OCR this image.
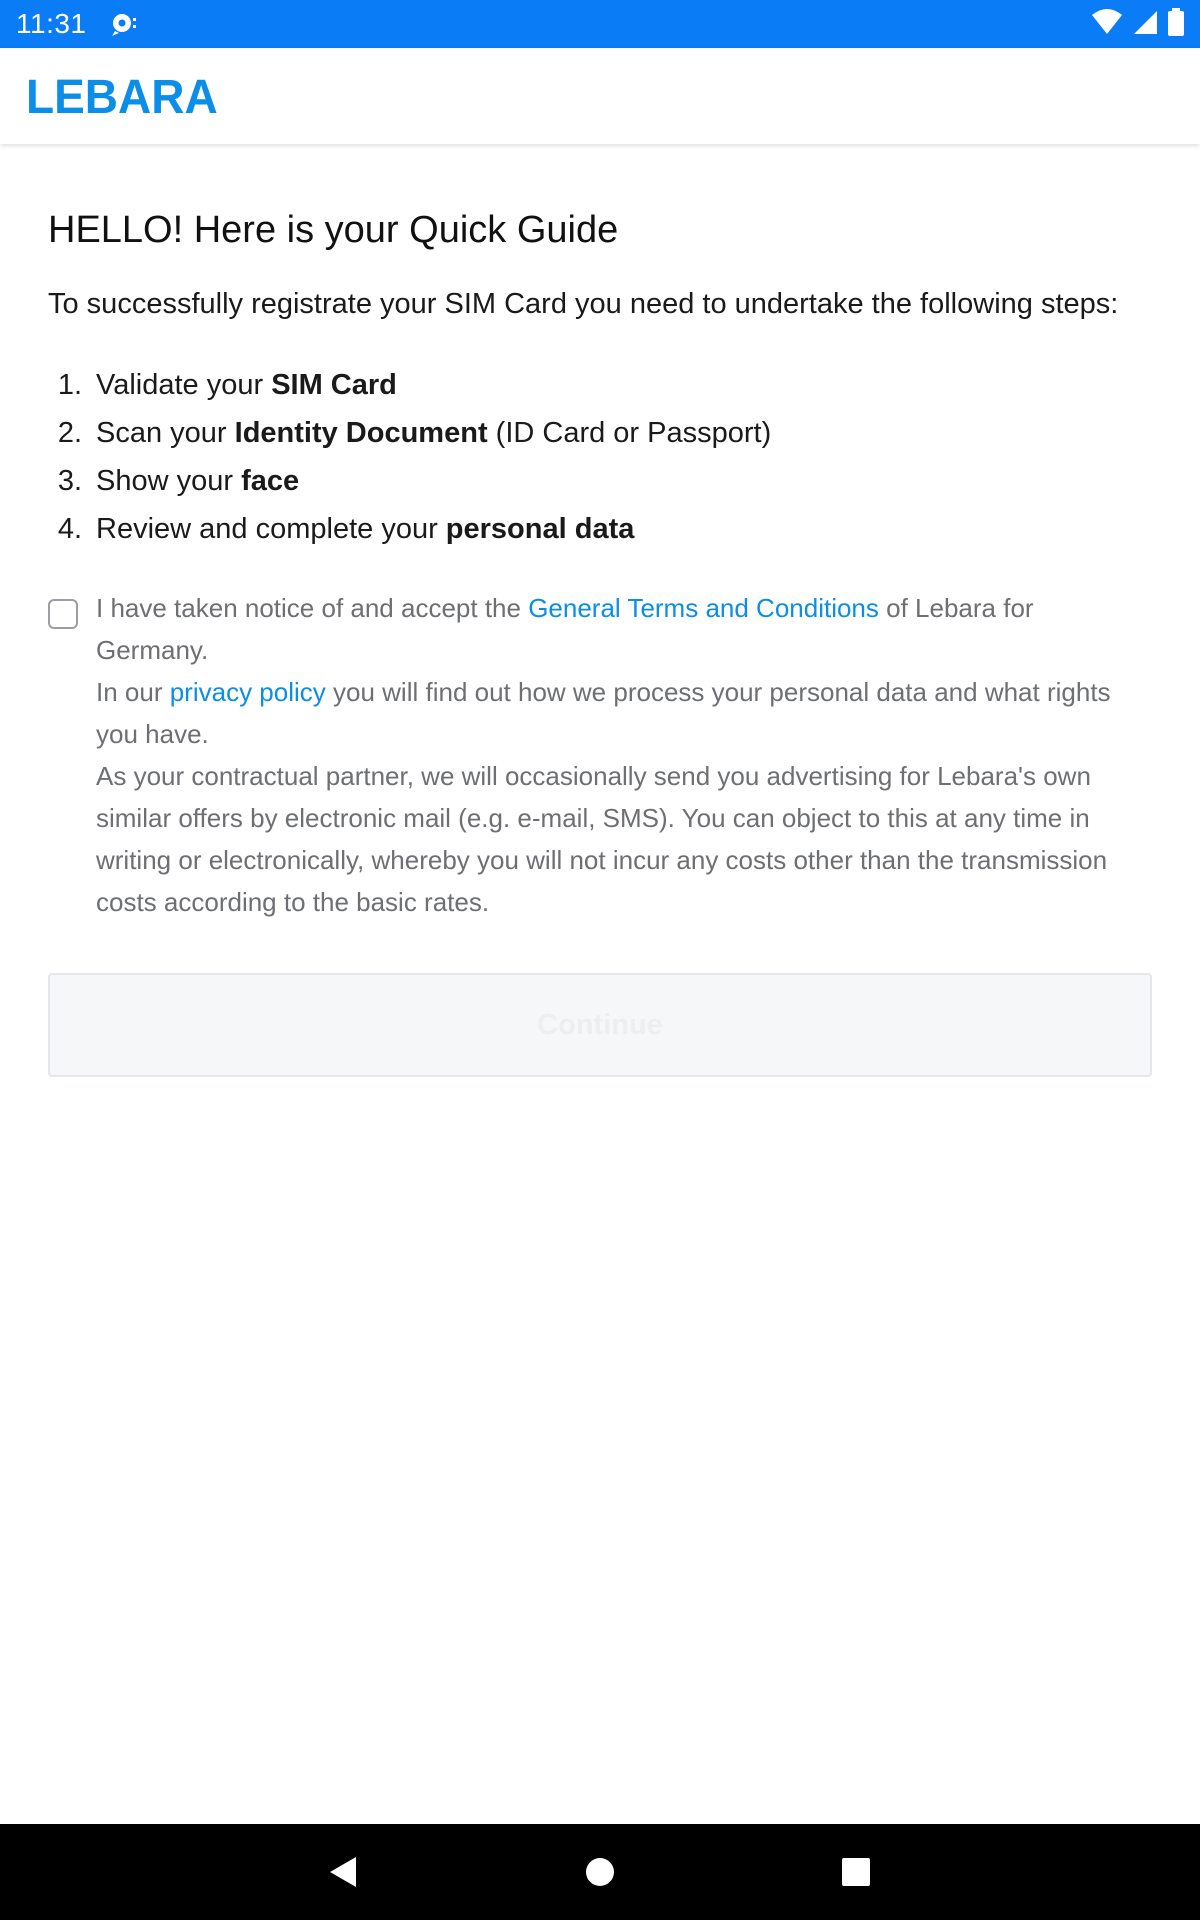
11:31
LEBARA
HELLO! Here is your Quick Guide
To successfully registrate your SIM Card you need to undertake the following steps:
1. Validate your SIM Card
2. Scan your Identity Document (ID Card or Passport)
3. Show your face
4. Review and complete your personal data
I have taken notice of and accept the General Terms and Conditions of Lebara for Germany.
In our privacy policy you will find out how we process your personal data and what rights you have.
As your contractual partner, we will occasionally send you advertising for Lebara's own similar offers by electronic mail (e.g. e-mail, SMS). You can object to this at any time in writing or electronically, whereby you will not incur any costs other than the transmission costs according to the basic rates.
Continue
